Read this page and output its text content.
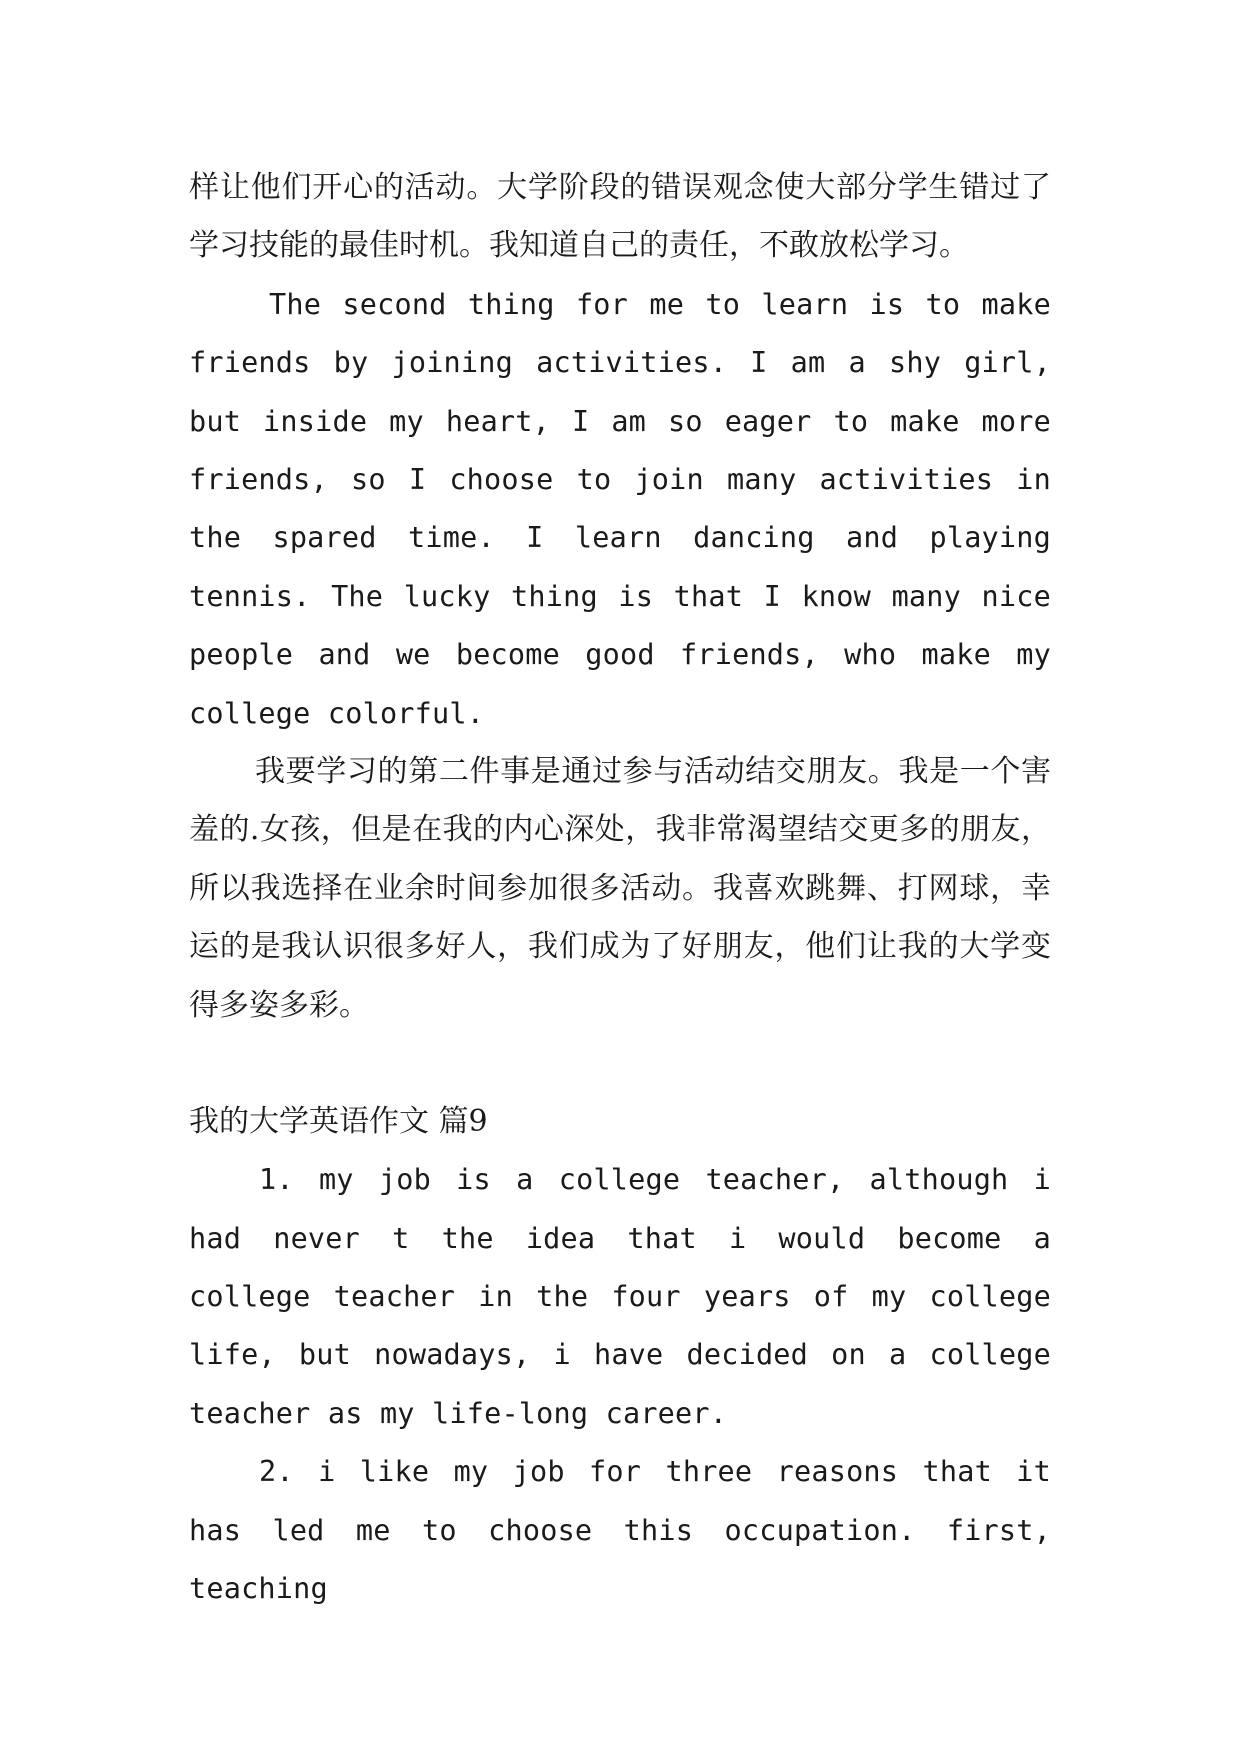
样让他们开心的活动。大学阶段的错误观念使大部分学生错过了学习技能的最佳时机。我知道自己的责任，不敢放松学习。

The second thing for me to learn is to make friends by joining activities. I am a shy girl, but inside my heart, I am so eager to make more friends, so I choose to join many activities in the spared time. I learn dancing and playing tennis. The lucky thing is that I know many nice people and we become good friends, who make my college colorful.

我要学习的第二件事是通过参与活动结交朋友。我是一个害羞的.女孩，但是在我的内心深处，我非常渴望结交更多的朋友，所以我选择在业余时间参加很多活动。我喜欢跳舞、打网球，幸运的是我认识很多好人，我们成为了好朋友，他们让我的大学变得多姿多彩。

我的大学英语作文 篇9

1. my job is a college teacher, although i had never t the idea that i would become a college teacher in the four years of my college life, but nowadays, i have decided on a college teacher as my life-long career.

2. i like my job for three reasons that it has led me to choose this occupation. first, teaching
